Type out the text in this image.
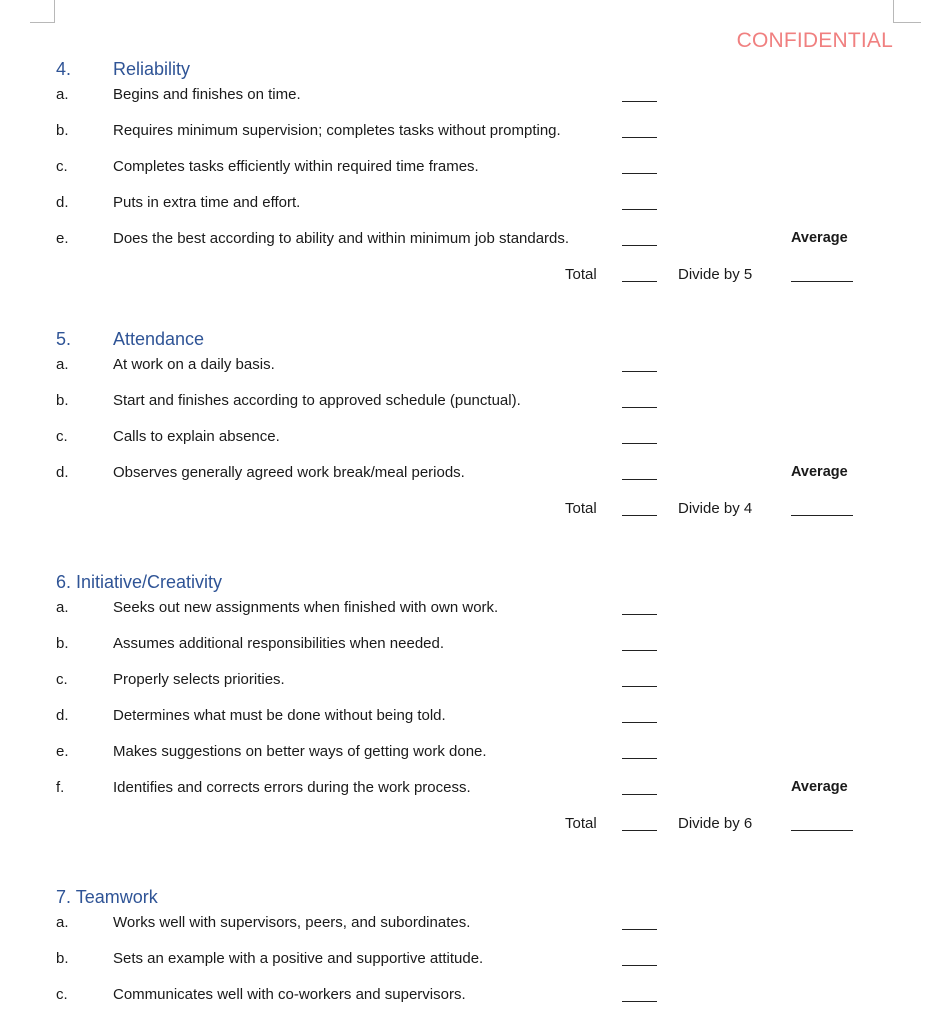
CONFIDENTIAL
4. Reliability
a.	Begins and finishes on time.
b.	Requires minimum supervision; completes tasks without prompting.
c.	Completes tasks efficiently within required time frames.
d.	Puts in extra time and effort.
e.	Does the best according to ability and within minimum job standards.	Average
Total	Divide by 5
5. Attendance
a.	At work on a daily basis.
b.	Start and finishes according to approved schedule (punctual).
c.	Calls to explain absence.
d.	Observes generally agreed work break/meal periods.	Average
Total	Divide by 4
6. Initiative/Creativity
a.	Seeks out new assignments when finished with own work.
b.	Assumes additional responsibilities when needed.
c.	Properly selects priorities.
d.	Determines what must be done without being told.
e.	Makes suggestions on better ways of getting work done.
f.	Identifies and corrects errors during the work process.	Average
Total	Divide by 6
7. Teamwork
a.	Works well with supervisors, peers, and subordinates.
b.	Sets an example with a positive and supportive attitude.
c.	Communicates well with co-workers and supervisors.
